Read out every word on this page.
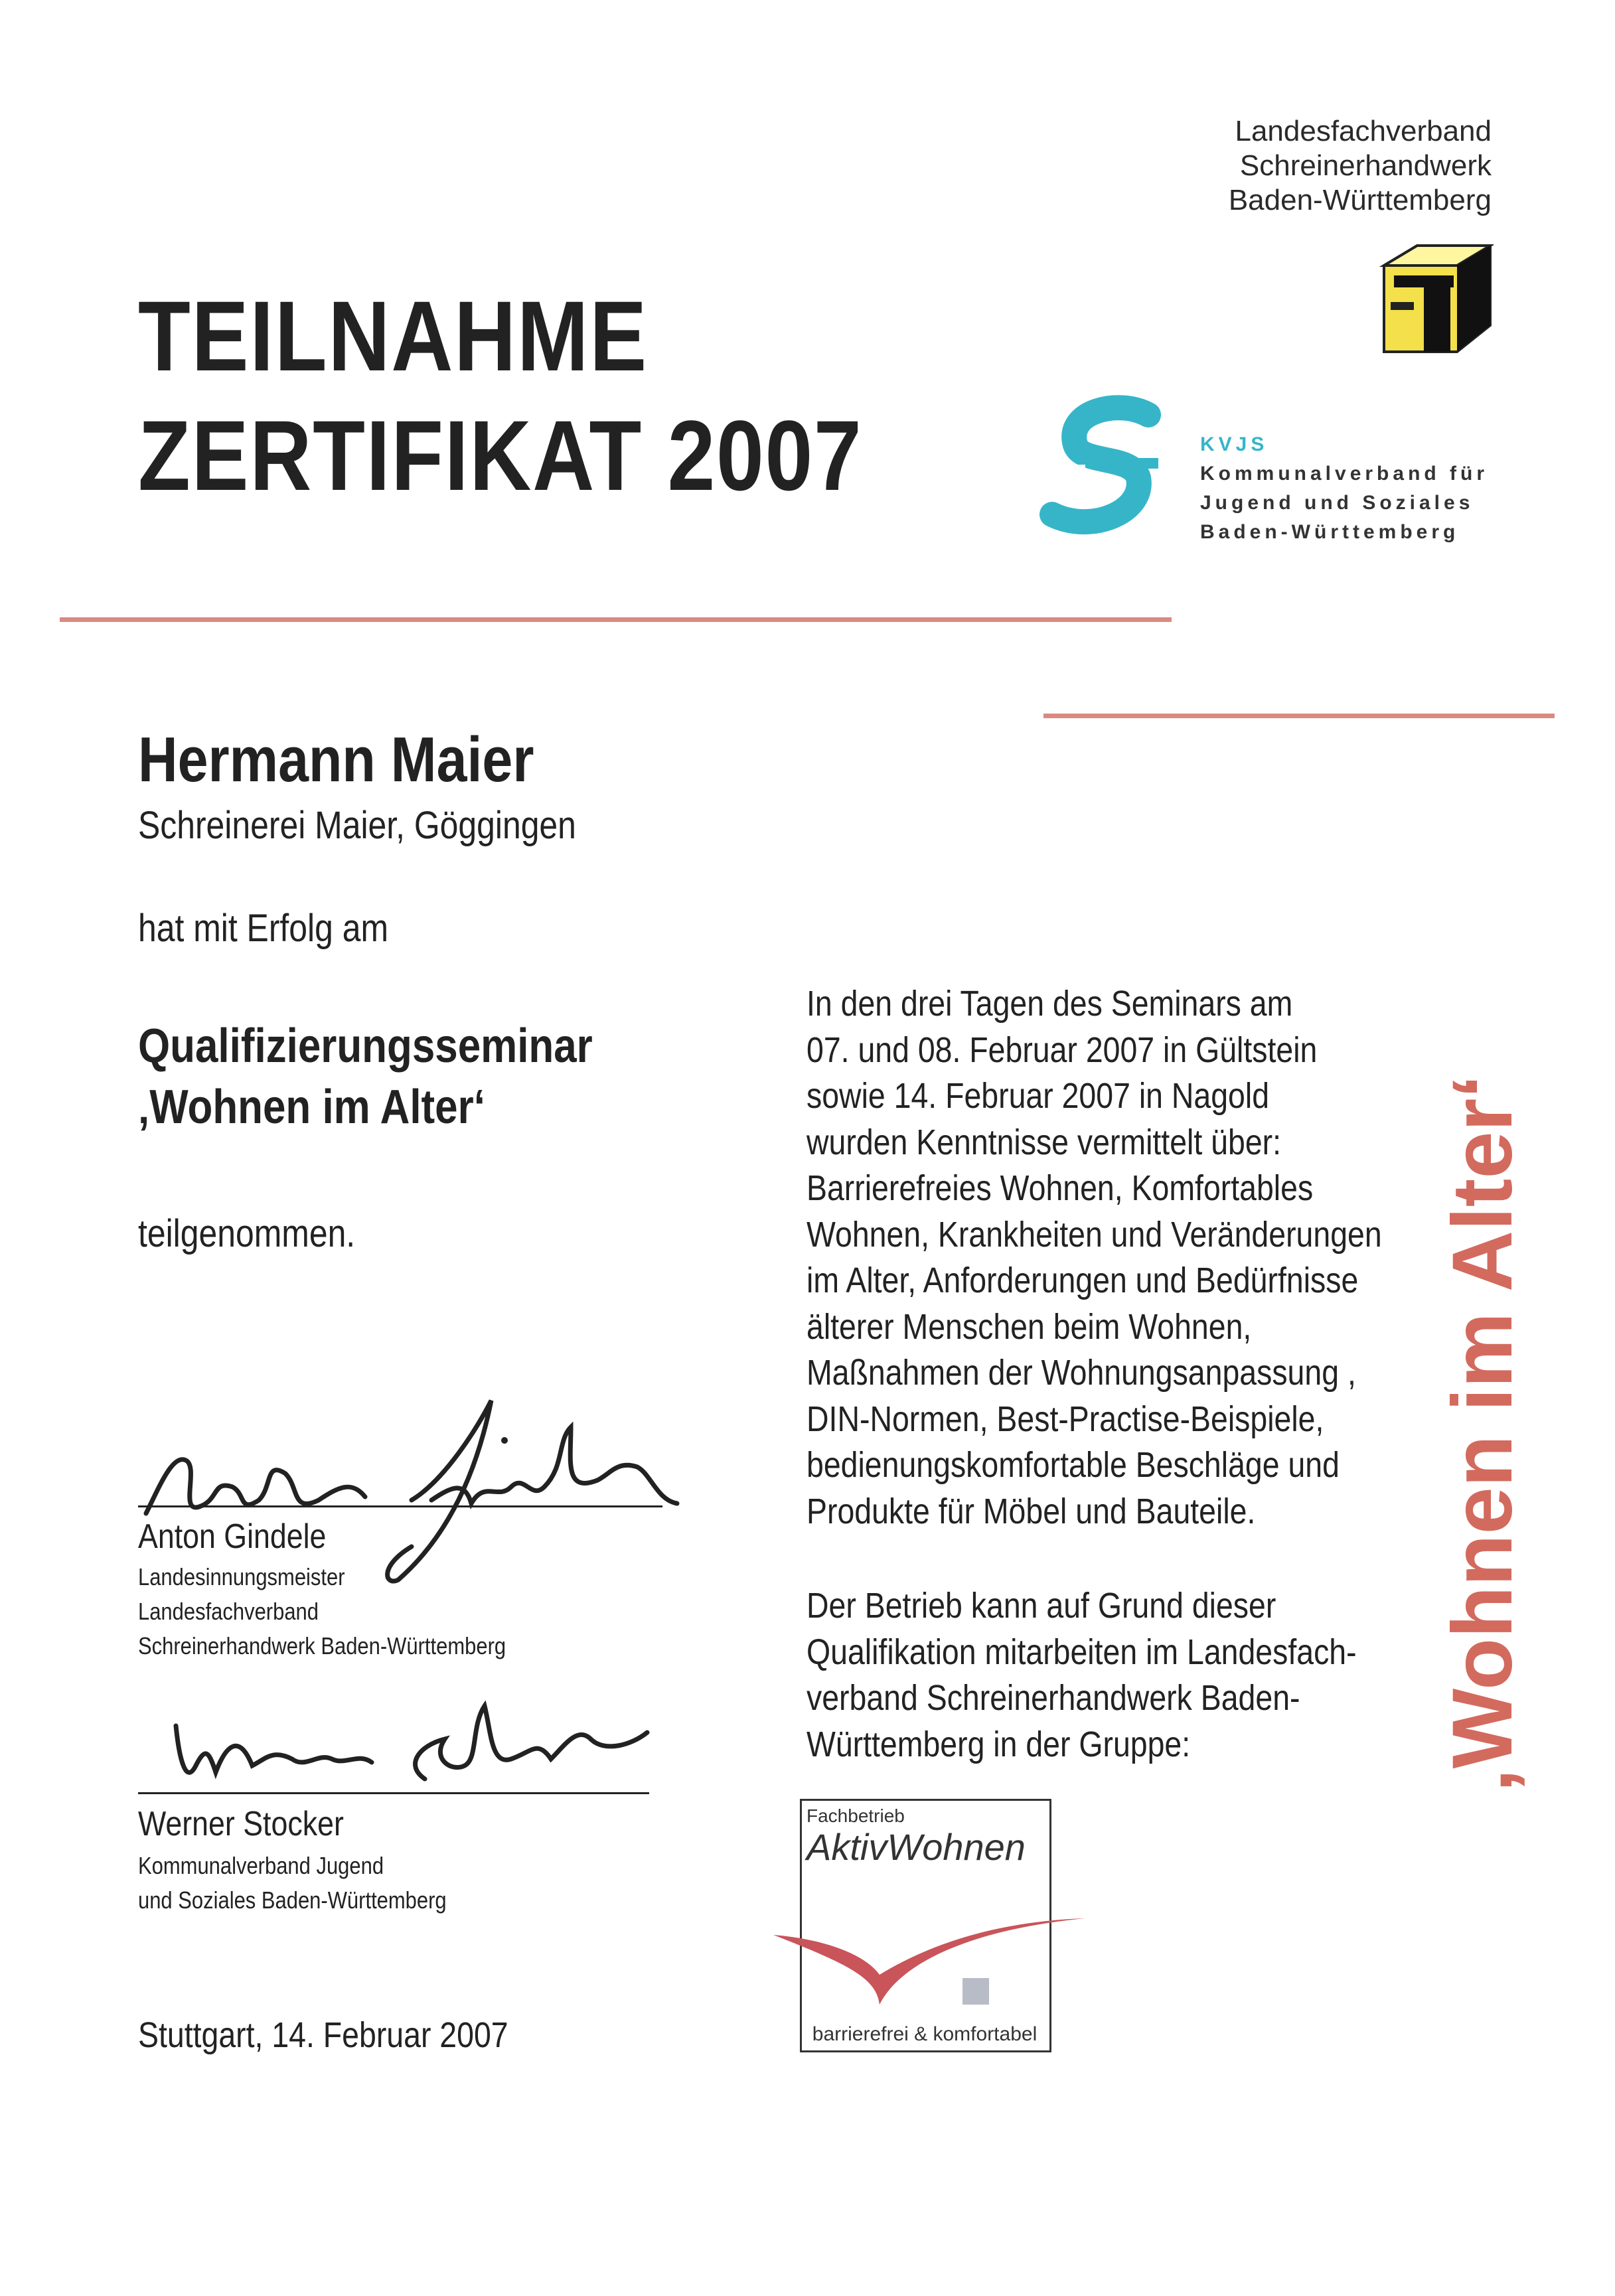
TEILNAHME
ZERTIFIKAT 2007
Landesfachverband
Schreinerhandwerk
Baden-Württemberg
KVJS
Kommunalverband für
Jugend und Soziales
Baden-Württemberg
Hermann Maier
Schreinerei Maier, Göggingen
hat mit Erfolg am
Qualifizierungsseminar
‚Wohnen im Alter‘
teilgenommen.
In den drei Tagen des Seminars am
07. und 08. Februar 2007 in Gültstein
sowie 14. Februar 2007 in Nagold
wurden Kenntnisse vermittelt über:
Barrierefreies Wohnen, Komfortables
Wohnen, Krankheiten und Veränderungen
im Alter, Anforderungen und Bedürfnisse
älterer Menschen beim Wohnen,
Maßnahmen der Wohnungsanpassung ,
DIN-Normen, Best-Practise-Beispiele,
bedienungskomfortable Beschläge und
Produkte für Möbel und Bauteile.
Der Betrieb kann auf Grund dieser
Qualifikation mitarbeiten im Landesfach-
verband Schreinerhandwerk Baden-
Württemberg in der Gruppe:	‚Wohnen im Alter‘
Fachbetrieb
AktivWohnen
barrierefrei & komfortabel
Anton Gindele
Landesinnungsmeister
Landesfachverband
Schreinerhandwerk Baden-Württemberg
Werner Stocker
Kommunalverband Jugend
und Soziales Baden-Württemberg
Stuttgart, 14. Februar 2007
